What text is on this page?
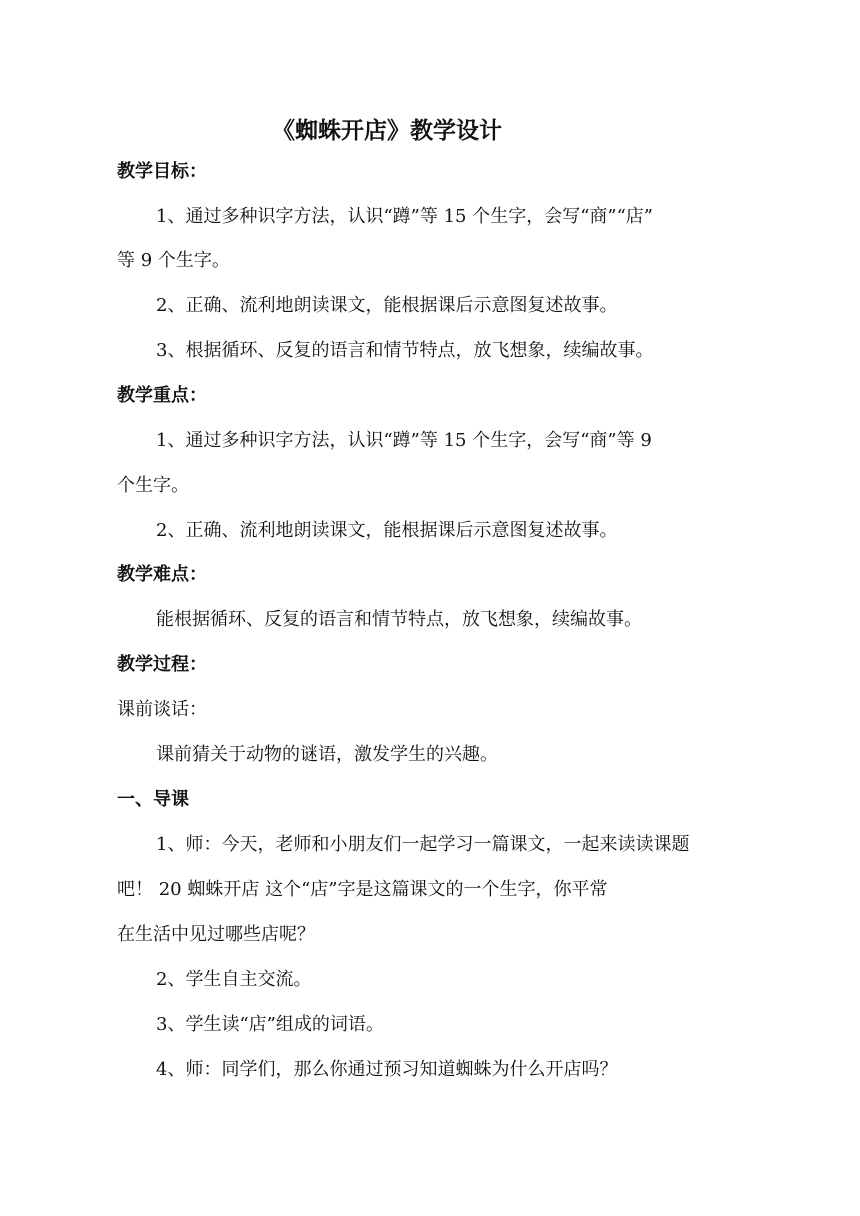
《蜘蛛开店》教学设计
教学目标：
1、通过多种识字方法，认识“蹲”等 15 个生字，会写“商”“店”
等 9 个生字。
2、正确、流利地朗读课文，能根据课后示意图复述故事。
3、根据循环、反复的语言和情节特点，放飞想象，续编故事。
教学重点：
1、通过多种识字方法，认识“蹲”等 15 个生字，会写“商”等 9
个生字。
2、正确、流利地朗读课文，能根据课后示意图复述故事。
教学难点：
能根据循环、反复的语言和情节特点，放飞想象，续编故事。
教学过程：
课前谈话：
课前猜关于动物的谜语，激发学生的兴趣。
一、导课
1、师：今天，老师和小朋友们一起学习一篇课文，一起来读读课题
吧！ 20 蜘蛛开店 这个“店”字是这篇课文的一个生字，你平常
在生活中见过哪些店呢？
2、学生自主交流。
3、学生读“店”组成的词语。
4、师：同学们，那么你通过预习知道蜘蛛为什么开店吗？
